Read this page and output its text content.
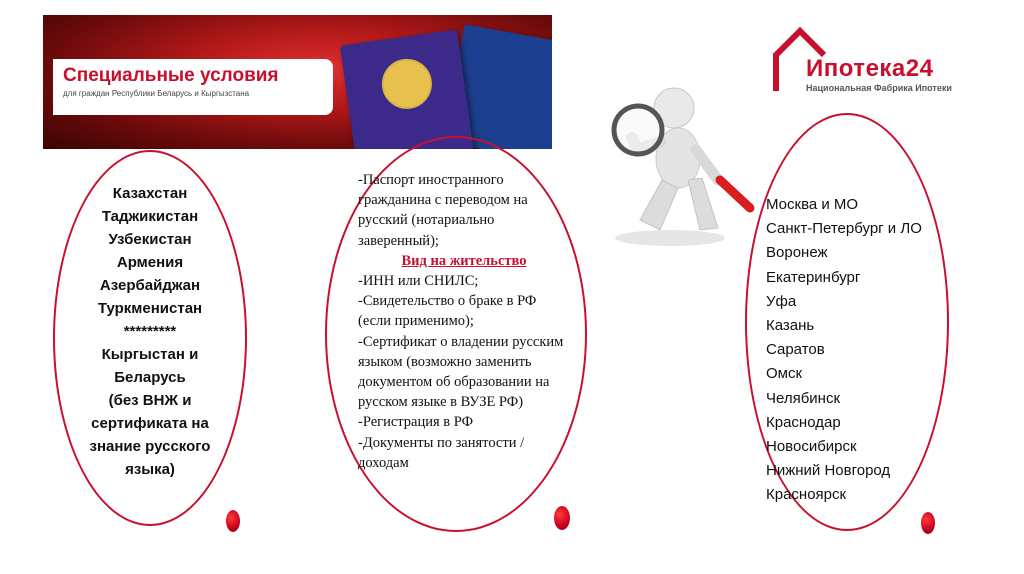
Специальные условия
для граждан Республики Беларусь и Кыргызстана
Ипотека24
Национальная Фабрика Ипотеки
Казахстан
Таджикистан
Узбекистан
Армения
Азербайджан
Туркменистан
*********
Кыргыстан и
Беларусь
(без ВНЖ и
сертификата на
знание русского
языка)
-Паспорт иностранного гражданина с переводом на русский (нотариально заверенный);
Вид на жительство
-ИНН или СНИЛС;
-Свидетельство о браке в РФ (если применимо);
-Сертификат о владении русским языком (возможно заменить документом об образовании на русском языке в ВУЗЕ РФ)
-Регистрация в РФ
-Документы по занятости / доходам
Москва и МО
Санкт-Петербург и ЛО
Воронеж
Екатеринбург
Уфа
Казань
Саратов
Омск
Челябинск
Краснодар
Новосибирск
Нижний Новгород
Красноярск
